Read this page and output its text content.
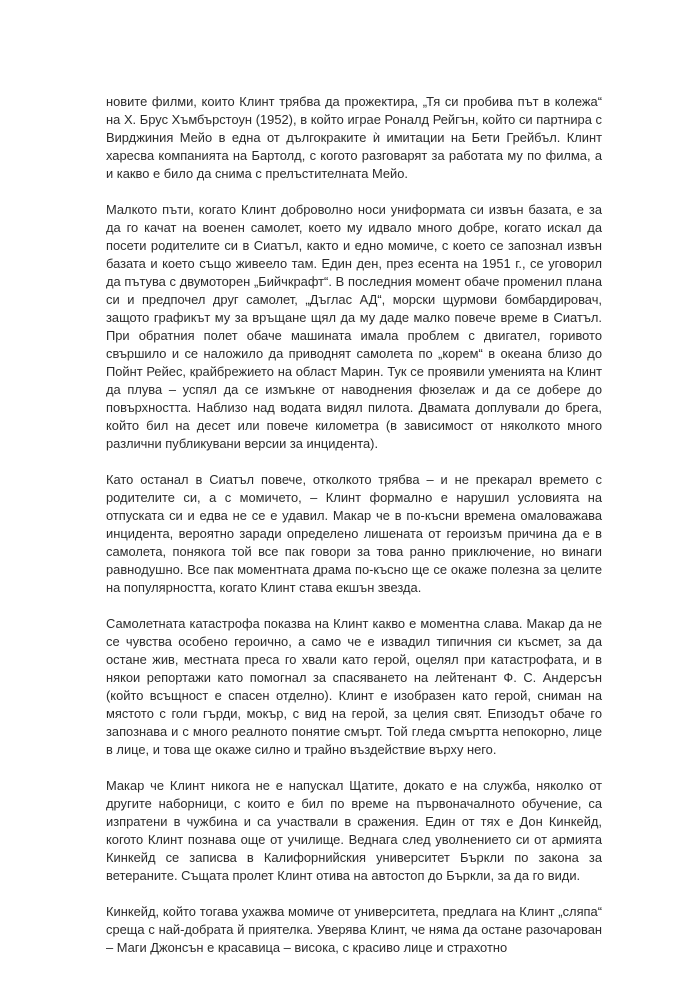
новите филми, които Клинт трябва да прожектира, „Тя си пробива път в колежа“ на Х. Брус Хъмбърстоун (1952), в който играе Роналд Рейгън, който си партнира с Вирджиния Мейо в една от дългокраките ѝ имитации на Бети Грейбъл. Клинт харесва компанията на Бартолд, с когото разговарят за работата му по филма, а и какво е било да снима с прелъстителната Мейо.

Малкото пъти, когато Клинт доброволно носи униформата си извън базата, е за да го качат на военен самолет, което му идвало много добре, когато искал да посети родителите си в Сиатъл, както и едно момиче, с което се запознал извън базата и което също живеело там. Един ден, през есента на 1951 г., се уговорил да пътува с двумоторен „Бийчкрафт“. В последния момент обаче променил плана си и предпочел друг самолет, „Дъглас АД“, морски щурмови бомбардировач, защото графикът му за връщане щял да му даде малко повече време в Сиатъл. При обратния полет обаче машината имала проблем с двигател, горивото свършило и се наложило да приводнят самолета по „корем“ в океана близо до Пойнт Рейес, крайбрежието на област Марин. Тук се проявили уменията на Клинт да плува – успял да се измъкне от наводнения фюзелаж и да се добере до повърхността. Наблизо над водата видял пилота. Двамата доплували до брега, който бил на десет или повече километра (в зависимост от няколкото много различни публикувани версии за инцидента).

Като останал в Сиатъл повече, отколкото трябва – и не прекарал времето с родителите си, а с момичето, – Клинт формално е нарушил условията на отпуската си и едва не се е удавил. Макар че в по-късни времена омаловажава инцидента, вероятно заради определено лишената от героизъм причина да е в самолета, понякога той все пак говори за това ранно приключение, но винаги равнодушно. Все пак моментната драма по-късно ще се окаже полезна за целите на популярността, когато Клинт става екшън звезда.

Самолетната катастрофа показва на Клинт какво е моментна слава. Макар да не се чувства особено героично, а само че е извадил типичния си късмет, за да остане жив, местната преса го хвали като герой, оцелял при катастрофата, и в някои репортажи като помогнал за спасяването на лейтенант Ф. С. Андерсън (който всъщност е спасен отделно). Клинт е изобразен като герой, сниман на мястото с голи гърди, мокър, с вид на герой, за целия свят. Епизодът обаче го запознава и с много реалното понятие смърт. Той гледа смъртта непокорно, лице в лице, и това ще окаже силно и трайно въздействие върху него.

Макар че Клинт никога не е напускал Щатите, докато е на служба, няколко от другите наборници, с които е бил по време на първоначалното обучение, са изпратени в чужбина и са участвали в сражения. Един от тях е Дон Кинкейд, когото Клинт познава още от училище. Веднага след уволнението си от армията Кинкейд се записва в Калифорнийския университет Бъркли по закона за ветераните. Същата пролет Клинт отива на автостоп до Бъркли, за да го види.

Кинкейд, който тогава ухажва момиче от университета, предлага на Клинт „сляпа“ среща с най-добрата й приятелка. Уверява Клинт, че няма да остане разочарован – Маги Джонсън е красавица – висока, с красиво лице и страхотно
